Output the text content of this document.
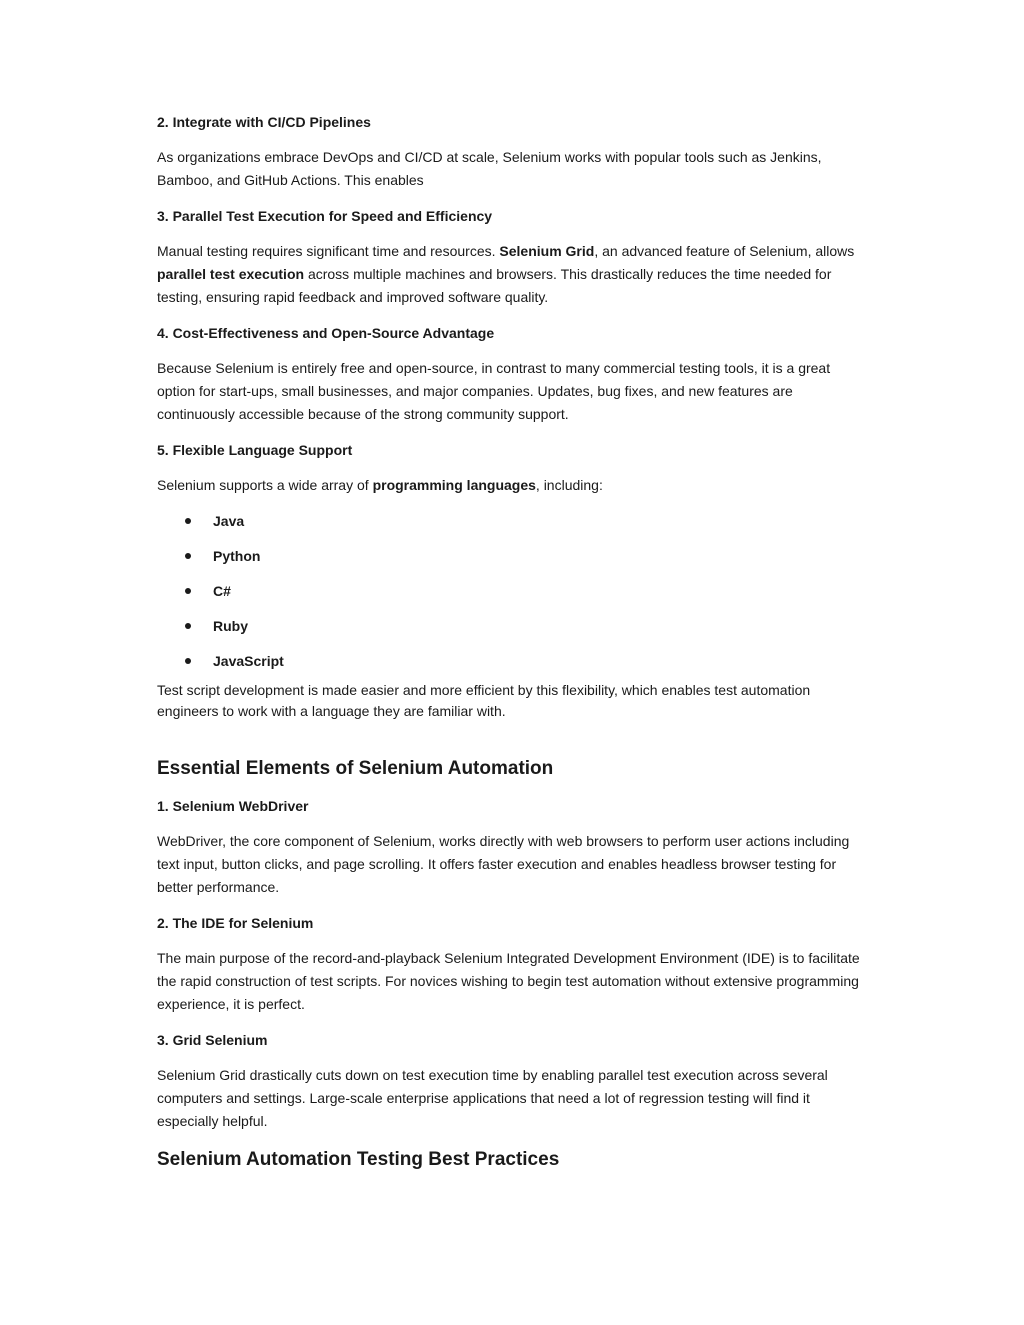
2. Integrate with CI/CD Pipelines

As organizations embrace DevOps and CI/CD at scale, Selenium works with popular tools such as Jenkins, Bamboo, and GitHub Actions. This enables

3. Parallel Test Execution for Speed and Efficiency

Manual testing requires significant time and resources. Selenium Grid, an advanced feature of Selenium, allows parallel test execution across multiple machines and browsers. This drastically reduces the time needed for testing, ensuring rapid feedback and improved software quality.

4. Cost-Effectiveness and Open-Source Advantage

Because Selenium is entirely free and open-source, in contrast to many commercial testing tools, it is a great option for start-ups, small businesses, and major companies. Updates, bug fixes, and new features are continuously accessible because of the strong community support.

5. Flexible Language Support

Selenium supports a wide array of programming languages, including:

Java
Python
C#
Ruby
JavaScript

Test script development is made easier and more efficient by this flexibility, which enables test automation engineers to work with a language they are familiar with.

Essential Elements of Selenium Automation

1. Selenium WebDriver

WebDriver, the core component of Selenium, works directly with web browsers to perform user actions including text input, button clicks, and page scrolling. It offers faster execution and enables headless browser testing for better performance.

2. The IDE for Selenium

The main purpose of the record-and-playback Selenium Integrated Development Environment (IDE) is to facilitate the rapid construction of test scripts. For novices wishing to begin test automation without extensive programming experience, it is perfect.

3. Grid Selenium

Selenium Grid drastically cuts down on test execution time by enabling parallel test execution across several computers and settings. Large-scale enterprise applications that need a lot of regression testing will find it especially helpful.

Selenium Automation Testing Best Practices
